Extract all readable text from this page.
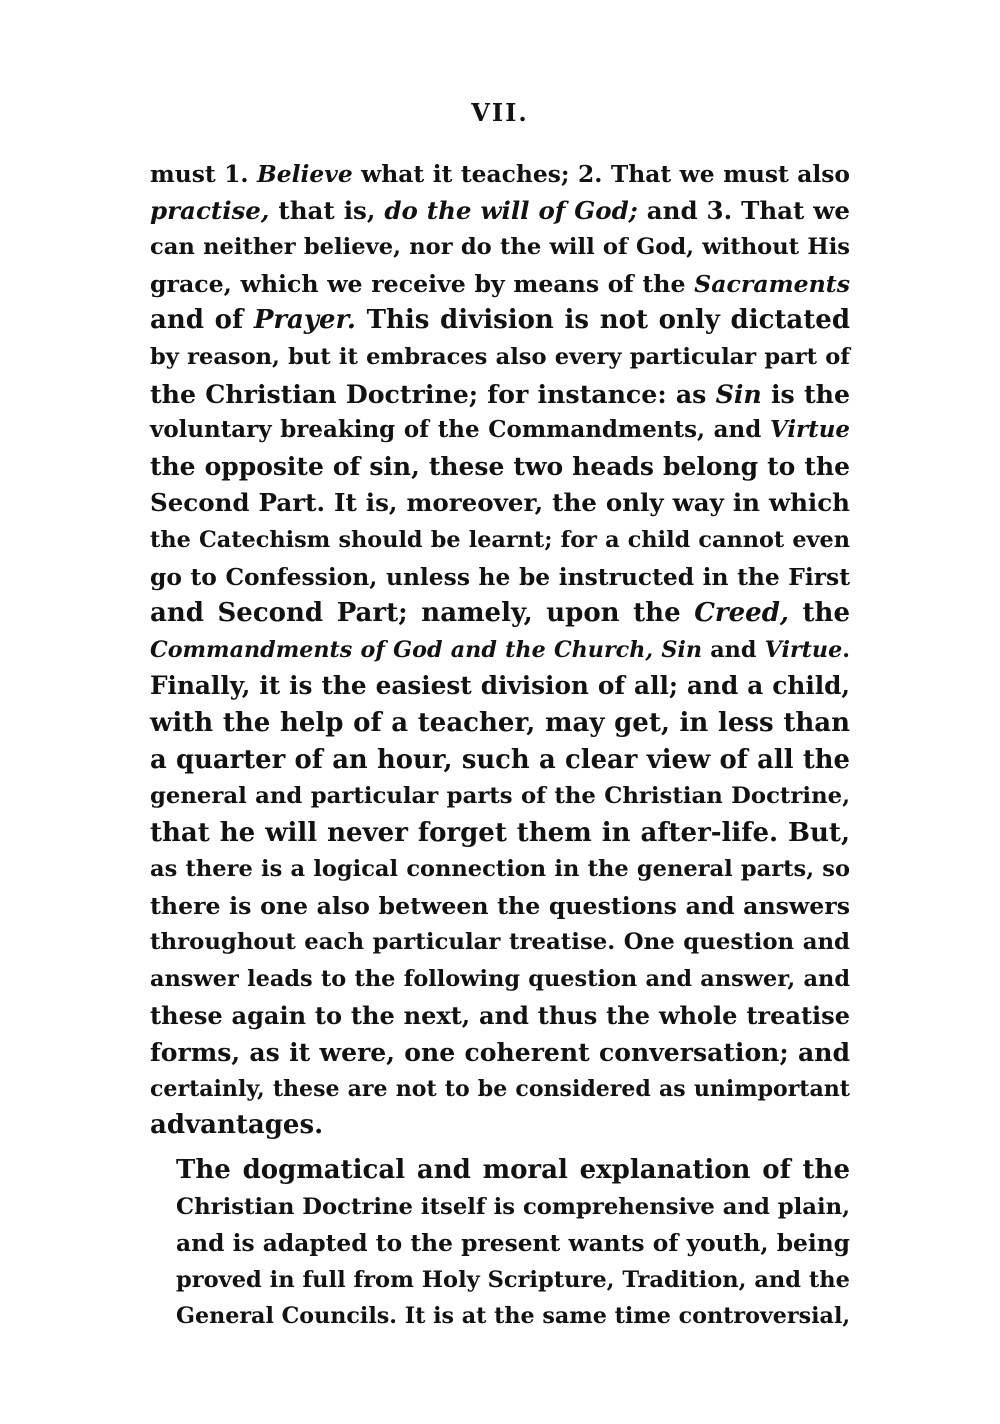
VII.
must 1. Believe what it teaches; 2. That we must also
practise, that is, do the will of God; and 3. That we
can neither believe, nor do the will of God, without His
grace, which we receive by means of the Sacraments
and of Prayer. This division is not only dictated
by reason, but it embraces also every particular part of
the Christian Doctrine; for instance: as Sin is the
voluntary breaking of the Commandments, and Virtue
the opposite of sin, these two heads belong to the
Second Part. It is, moreover, the only way in which
the Catechism should be learnt; for a child cannot even
go to Confession, unless he be instructed in the First
and Second Part; namely, upon the Creed, the
Commandments of God and the Church, Sin and Virtue.
Finally, it is the easiest division of all; and a child,
with the help of a teacher, may get, in less than
a quarter of an hour, such a clear view of all the
general and particular parts of the Christian Doctrine,
that he will never forget them in after-life. But,
as there is a logical connection in the general parts, so
there is one also between the questions and answers
throughout each particular treatise. One question and
answer leads to the following question and answer, and
these again to the next, and thus the whole treatise
forms, as it were, one coherent conversation; and
certainly, these are not to be considered as unimportant
advantages.
The dogmatical and moral explanation of the
Christian Doctrine itself is comprehensive and plain,
and is adapted to the present wants of youth, being
proved in full from Holy Scripture, Tradition, and the
General Councils. It is at the same time controversial,
